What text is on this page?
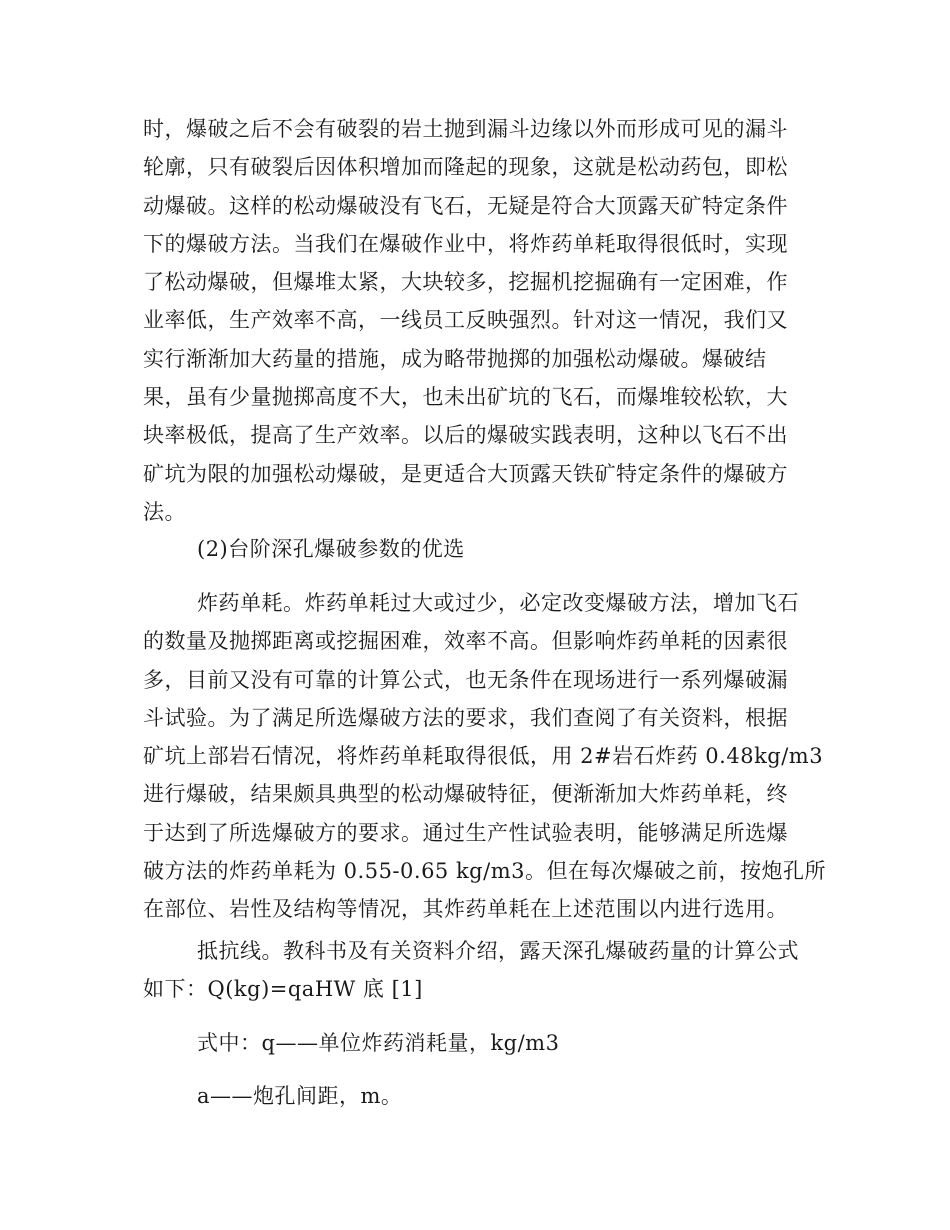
时，爆破之后不会有破裂的岩土抛到漏斗边缘以外而形成可见的漏斗
轮廓，只有破裂后因体积增加而隆起的现象，这就是松动药包，即松
动爆破。这样的松动爆破没有飞石，无疑是符合大顶露天矿特定条件
下的爆破方法。当我们在爆破作业中，将炸药单耗取得很低时，实现
了松动爆破，但爆堆太紧，大块较多，挖掘机挖掘确有一定困难，作
业率低，生产效率不高，一线员工反映强烈。针对这一情况，我们又
实行渐渐加大药量的措施，成为略带抛掷的加强松动爆破。爆破结
果，虽有少量抛掷高度不大，也未出矿坑的飞石，而爆堆较松软，大
块率极低，提高了生产效率。以后的爆破实践表明，这种以飞石不出
矿坑为限的加强松动爆破，是更适合大顶露天铁矿特定条件的爆破方
法。

(2)台阶深孔爆破参数的优选

炸药单耗。炸药单耗过大或过少，必定改变爆破方法，增加飞石
的数量及抛掷距离或挖掘困难，效率不高。但影响炸药单耗的因素很
多，目前又没有可靠的计算公式，也无条件在现场进行一系列爆破漏
斗试验。为了满足所选爆破方法的要求，我们查阅了有关资料，根据
矿坑上部岩石情况，将炸药单耗取得很低，用 2#岩石炸药 0.48kg/m3
进行爆破，结果颇具典型的松动爆破特征，便渐渐加大炸药单耗，终
于达到了所选爆破方的要求。通过生产性试验表明，能够满足所选爆
破方法的炸药单耗为 0.55-0.65 kg/m3。但在每次爆破之前，按炮孔所
在部位、岩性及结构等情况，其炸药单耗在上述范围以内进行选用。

抵抗线。教科书及有关资料介绍，露天深孔爆破药量的计算公式
如下：Q(kg)=qaHW 底 [1]

式中：q——单位炸药消耗量，kg/m3

a——炮孔间距，m。
